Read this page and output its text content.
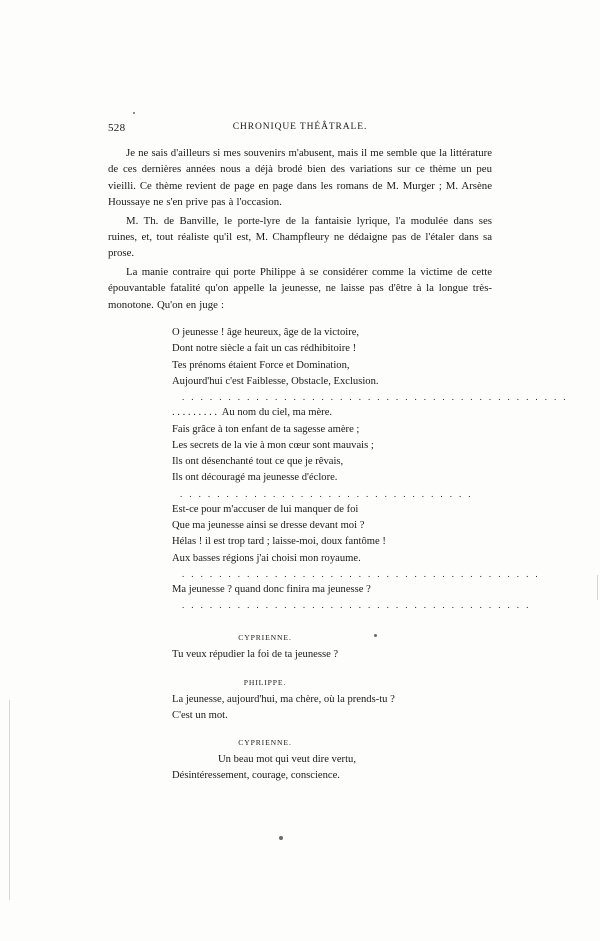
528	CHRONIQUE THÉÂTRALE.

Je ne sais d'ailleurs si mes souvenirs m'abusent, mais il me semble que la littérature de ces dernières années nous a déjà brodé bien des variations sur ce thème un peu vieilli. Ce thème revient de page en page dans les romans de M. Murger ; M. Arsène Houssaye ne s'en prive pas à l'occasion.

M. Th. de Banville, le porte-lyre de la fantaisie lyrique, l'a modulée dans ses ruines, et, tout réaliste qu'il est, M. Champfleury ne dédaigne pas de l'étaler dans sa prose.

La manie contraire qui porte Philippe à se considérer comme la victime de cette épouvantable fatalité qu'on appelle la jeunesse, ne laisse pas d'être à la longue très-monotone. Qu'on en juge :

O jeunesse ! âge heureux, âge de la victoire,
Dont notre siècle a fait un cas rédhibitoire !
Tes prénoms étaient Force et Domination,
Aujourd'hui c'est Faiblesse, Obstacle, Exclusion.
. . . . . . . . . . . . . . . . . . . . . . . . . . . . . . . . . . . . . . . . . .
. . . . . . . . .  Au nom du ciel, ma mère.
Fais grâce à ton enfant de ta sagesse amère ;
Les secrets de la vie à mon cœur sont mauvais ;
Ils ont désenchanté tout ce que je rêvais,
Ils ont découragé ma jeunesse d'éclore.
. . . . . . . . . . . . . . . . . . . . . . . . . . . . . . . .
Est-ce pour m'accuser de lui manquer de foi
Que ma jeunesse ainsi se dresse devant moi ?
Hélas ! il est trop tard ; laisse-moi, doux fantôme !
Aux basses régions j'ai choisi mon royaume.
. . . . . . . . . . . . . . . . . . . . . . . . . . . . . . . . . . . . . . .
Ma jeunesse ? quand donc finira ma jeunesse ?
. . . . . . . . . . . . . . . . . . . . . . . . . . . . . . . . . . . . . .
CYPRIENNE.
Tu veux répudier la foi de ta jeunesse ?
PHILIPPE.
La jeunesse, aujourd'hui, ma chère, où la prends-tu ?
C'est un mot.
CYPRIENNE.
Un beau mot qui veut dire vertu,
Désintéressement, courage, conscience.
